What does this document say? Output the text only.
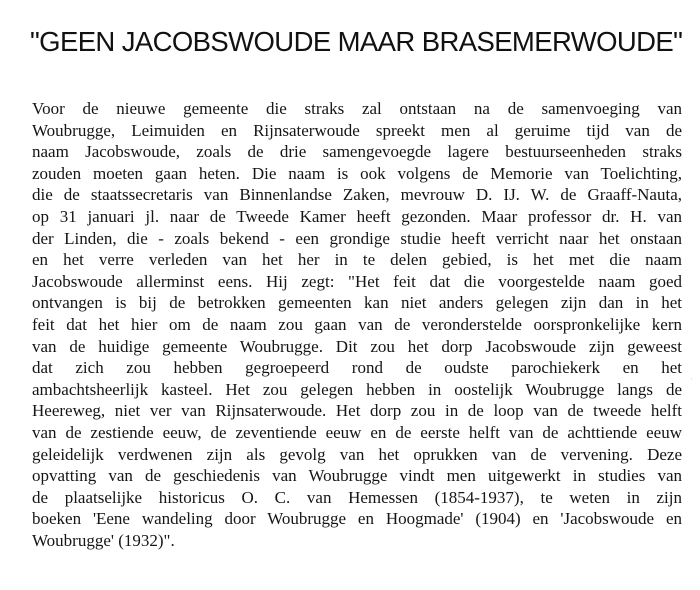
"GEEN JACOBSWOUDE MAAR BRASEMERWOUDE"
Voor de nieuwe gemeente die straks zal ontstaan na de samenvoeging van
Woubrugge, Leimuiden en Rijnsaterwoude spreekt men al geruime tijd van de
naam Jacobswoude, zoals de drie samengevoegde lagere bestuurseenheden straks
zouden moeten gaan heten. Die naam is ook volgens de Memorie van Toelichting,
die de staatssecretaris van Binnenlandse Zaken, mevrouw D. IJ. W. de Graaff-Nauta,
op 31 januari jl. naar de Tweede Kamer heeft gezonden. Maar professor dr. H. van
der Linden, die - zoals bekend - een grondige studie heeft verricht naar het onstaan
en het verre verleden van het her in te delen gebied, is het met die naam
Jacobswoude allerminst eens. Hij zegt: "Het feit dat die voorgestelde naam goed
ontvangen is bij de betrokken gemeenten kan niet anders gelegen zijn dan in het
feit dat het hier om de naam zou gaan van de veronderstelde oorspronkelijke kern
van de huidige gemeente Woubrugge. Dit zou het dorp Jacobswoude zijn geweest
dat zich zou hebben gegroepeerd rond de oudste parochiekerk en het
ambachtsheerlijk kasteel. Het zou gelegen hebben in oostelijk Woubrugge langs de
Heereweg, niet ver van Rijnsaterwoude. Het dorp zou in de loop van de tweede helft
van de zestiende eeuw, de zeventiende eeuw en de eerste helft van de achttiende eeuw
geleidelijk verdwenen zijn als gevolg van het oprukken van de vervening. Deze
opvatting van de geschiedenis van Woubrugge vindt men uitgewerkt in studies van
de plaatselijke historicus O. C. van Hemessen (1854-1937), te weten in zijn
boeken 'Eene wandeling door Woubrugge en Hoogmade' (1904) en 'Jacobswoude en
Woubrugge' (1932)".
·
